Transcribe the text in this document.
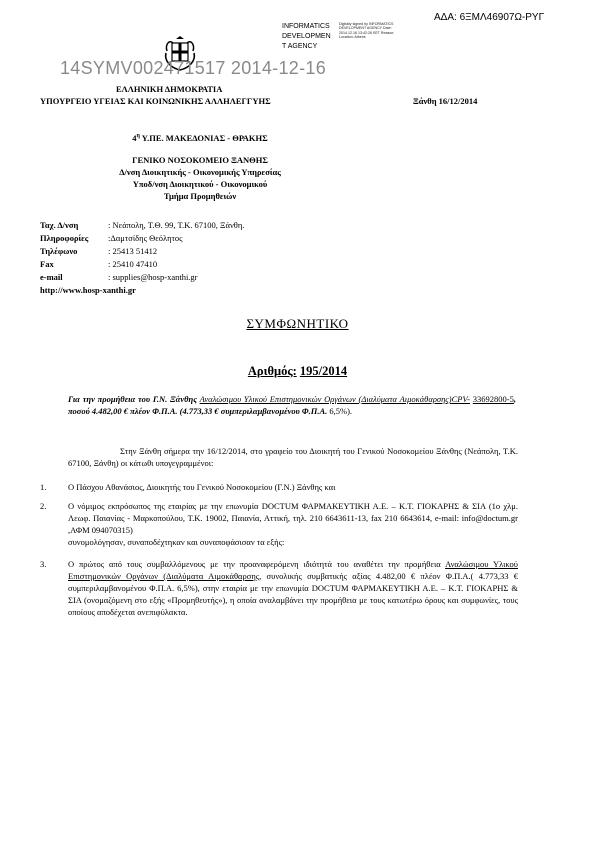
ΑΔΑ: 6ΞΜΛ46907Ω-ΡΥΓ
INFORMATICS DEVELOPMEN T AGENCY
Digitally signed by INFORMATICS DEVELOPMENT AGENCY Date: 2014.12.16 13:42:26 EET Reason: Location: Athens
14SYMV002471517 2014-12-16
ΕΛΛΗΝΙΚΗ ΔΗΜΟΚΡΑΤΙΑ
ΥΠΟΥΡΓΕΙΟ ΥΓΕΙΑΣ ΚΑΙ ΚΟΙΝΩΝΙΚΗΣ ΑΛΛΗΛΕΓΓΥΗΣ	Ξάνθη 16/12/2014
$4^\eta$ Υ.ΠΕ. ΜΑΚΕΔΟΝΙΑΣ - ΘΡΑΚΗΣ
ΓΕΝΙΚΟ ΝΟΣΟΚΟΜΕΙΟ ΞΑΝΘΗΣ
Δ/νση Διοικητικής - Οικονομικής Υπηρεσίας
Υποδ/νση Διοικητικού - Οικονομικού
Τμήμα Προμηθειών
Ταχ. Δ/νση	: Νεάπολη, Τ.Θ. 99, Τ.Κ. 67100, Ξάνθη.
Πληροφορίες :Δαμτσίδης Θεόλητος
Τηλέφωνο	: 25413 51412
Fax	: 25410 47410
e-mail	: supplies@hosp-xanthi.gr
http://www.hosp-xanthi.gr
ΣΥΜΦΩΝΗΤΙΚΟ
Αριθμός: 195/2014
Για την προμήθεια του Γ.Ν. Ξάνθης Αναλώσιμου Υλικού Επιστημονικών Οργάνων (Διαλύματα Αιμοκάθαρσης)CPV- 33692800-5, ποσού 4.482,00 € πλέον Φ.Π.Α. (4.773,33 € συμπεριλαμβανομένου Φ.Π.Α. 6,5%).
Στην Ξάνθη σήμερα την 16/12/2014, στο γραφείο του Διοικητή του Γενικού Νοσοκομείου Ξάνθης (Νεάπολη, Τ.Κ. 67100, Ξάνθη) οι κάτωθι υπογεγραμμένοι:
1.	Ο Πάσχου Αθανάσιος, Διοικητής του Γενικού Νοσοκομείου (Γ.Ν.) Ξάνθης και
2.	Ο νόμιμος εκπρόσωπος της εταιρίας με την επωνυμία DOCTUM ΦΑΡΜΑΚΕΥΤΙΚΗ Α.Ε. – Κ.Τ. ΓΙΟΚΑΡΗΣ & ΣΙΑ (1ο χλμ. Λεωφ. Παιανίας - Μαρκοπούλου, Τ.Κ. 19002, Παιανία, Αττική, τηλ. 210 6643611-13, fax 210 6643614, e-mail: info@doctum.gr ,ΑΦΜ 094070315)
συνομολόγησαν, συναποδέχτηκαν και συναποφάσισαν τα εξής:
3.	Ο πρώτος από τους συμβαλλόμενους με την προαναφερόμενη ιδιότητά του αναθέτει την προμήθεια Αναλώσιμου Υλικού Επιστημονικών Οργάνων (Διαλύματα Αιμοκάθαρσης, συνολικής συμβατικής αξίας 4.482,00 € πλέον Φ.Π.Α.( 4.773,33 € συμπεριλαμβανομένου Φ.Π.Α. 6,5%), στην εταιρία με την επωνυμία DOCTUM ΦΑΡΜΑΚΕΥΤΙΚΗ Α.Ε. – Κ.Τ. ΓΙΟΚΑΡΗΣ & ΣΙΑ (ονομαζόμενη στο εξής «Προμηθευτής»), η οποία αναλαμβάνει την προμήθεια με τους κατωτέρω όρους και συμφωνίες, τους οποίους αποδέχεται ανεπιφύλακτα.
